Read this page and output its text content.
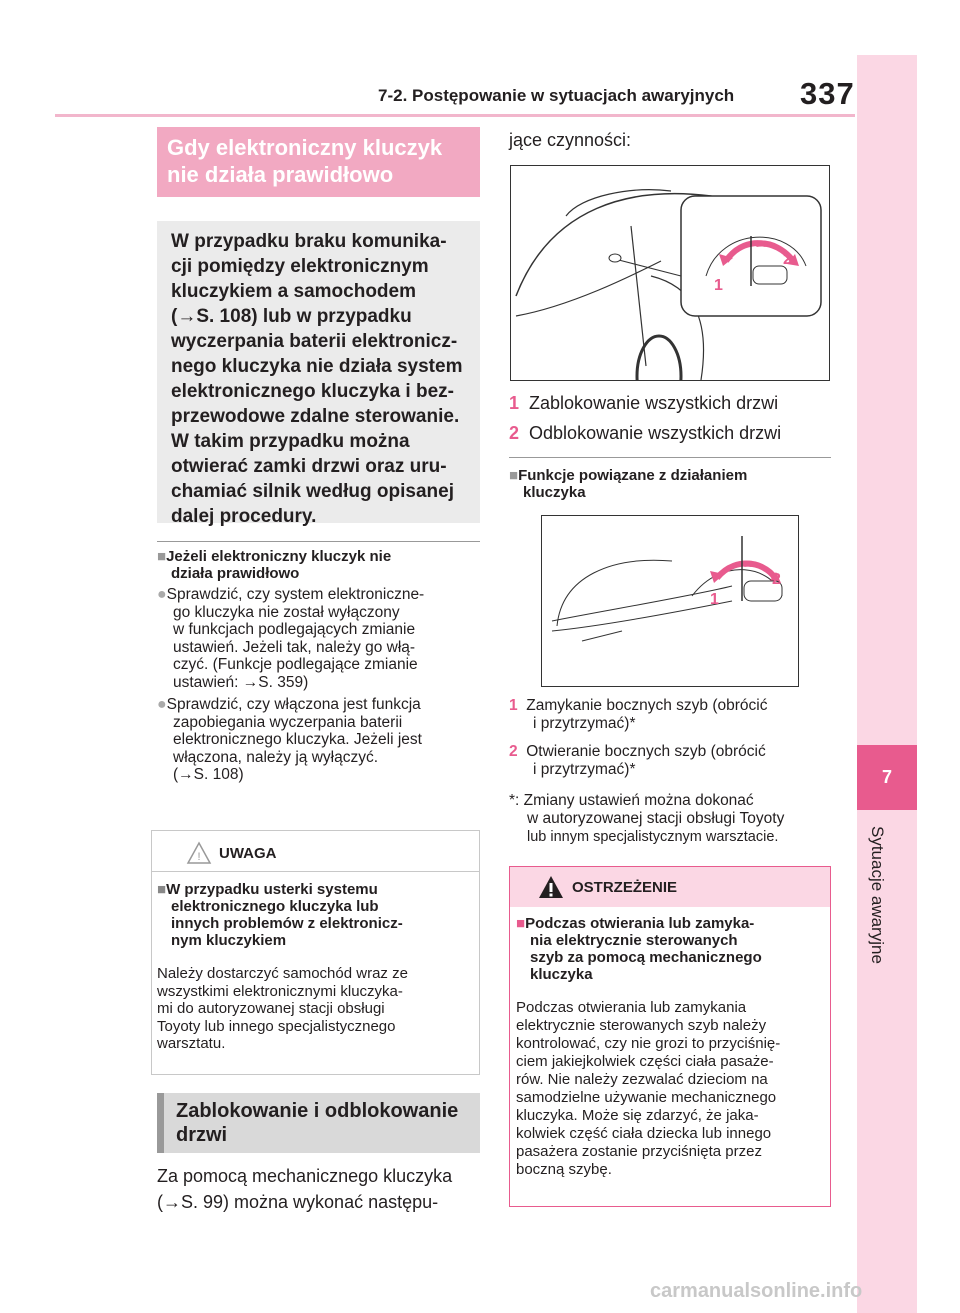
7-2. Postępowanie w sytuacjach awaryjnych 337
7
Sytuacje awaryjne
Gdy elektroniczny kluczyk nie działa prawidłowo
W przypadku braku komunika-
cji pomiędzy elektronicznym
kluczykiem a samochodem
(→S. 108) lub w przypadku
wyczerpania baterii elektronicz-
nego kluczyka nie działa system
elektronicznego kluczyka i bez-
przewodowe zdalne sterowanie.
W takim przypadku można
otwierać zamki drzwi oraz uru-
chamiać silnik według opisanej
dalej procedury.
■Jeżeli elektroniczny kluczyk nie
działa prawidłowo
●Sprawdzić, czy system elektroniczne-
go kluczyka nie został wyłączony
w funkcjach podlegających zmianie
ustawień. Jeżeli tak, należy go włą-
czyć. (Funkcje podlegające zmianie
ustawień: →S. 359)
●Sprawdzić, czy włączona jest funkcja
zapobiegania wyczerpania baterii
elektronicznego kluczyka. Jeżeli jest
włączona, należy ją wyłączyć.
(→S. 108)
! UWAGA
■W przypadku usterki systemu
elektronicznego kluczyka lub
innych problemów z elektronicz-
nym kluczykiem
Należy dostarczyć samochód wraz ze
wszystkimi elektronicznymi kluczyka-
mi do autoryzowanej stacji obsługi
Toyoty lub innego specjalistycznego
warsztatu.
Zablokowanie i odblokowanie
drzwi
Za pomocą mechanicznego kluczyka
(→S. 99) można wykonać następu-
jące czynności:
1
2
1 Zablokowanie wszystkich drzwi
2 Odblokowanie wszystkich drzwi
■Funkcje powiązane z działaniem
kluczyka
1
2
1 Zamykanie bocznych szyb (obrócić
i przytrzymać)*
2 Otwieranie bocznych szyb (obrócić
i przytrzymać)*
*: Zmiany ustawień można dokonać
w autoryzowanej stacji obsługi Toyoty
lub innym specjalistycznym warsztacie.
OSTRZEŻENIE
■Podczas otwierania lub zamyka-
nia elektrycznie sterowanych
szyb za pomocą mechanicznego
kluczyka
Podczas otwierania lub zamykania
elektrycznie sterowanych szyb należy
kontrolować, czy nie grozi to przyciśnię-
ciem jakiejkolwiek części ciała pasaże-
rów. Nie należy zezwalać dzieciom na
samodzielne używanie mechanicznego
kluczyka. Może się zdarzyć, że jaka-
kolwiek część ciała dziecka lub innego
pasażera zostanie przyciśnięta przez
boczną szybę.
carmanualsonline.info
